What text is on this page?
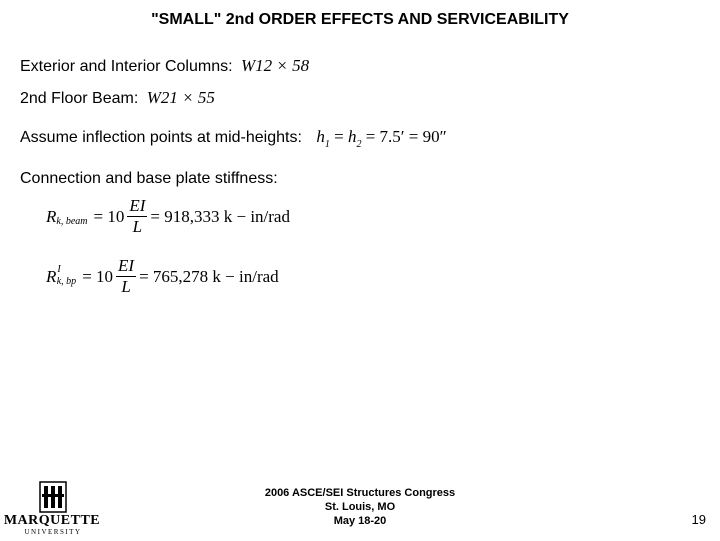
"SMALL" 2nd ORDER EFFECTS AND SERVICEABILITY
Exterior and Interior Columns: W12 × 58
2nd Floor Beam: W21 × 55
Assume inflection points at mid-heights: $h_1 = h_2 = 7.5' = 90''$
Connection and base plate stiffness:
R k, beam = $10 \frac{EI}{L} = 918,333$ k − in/rad
R I
k, bp = $10 \frac{EI}{L} = 765,278$ k − in/rad
MARQUETTE
UNIVERSITY
2006 ASCE/SEI Structures Congress
St. Louis, MO
May 18-20	19
